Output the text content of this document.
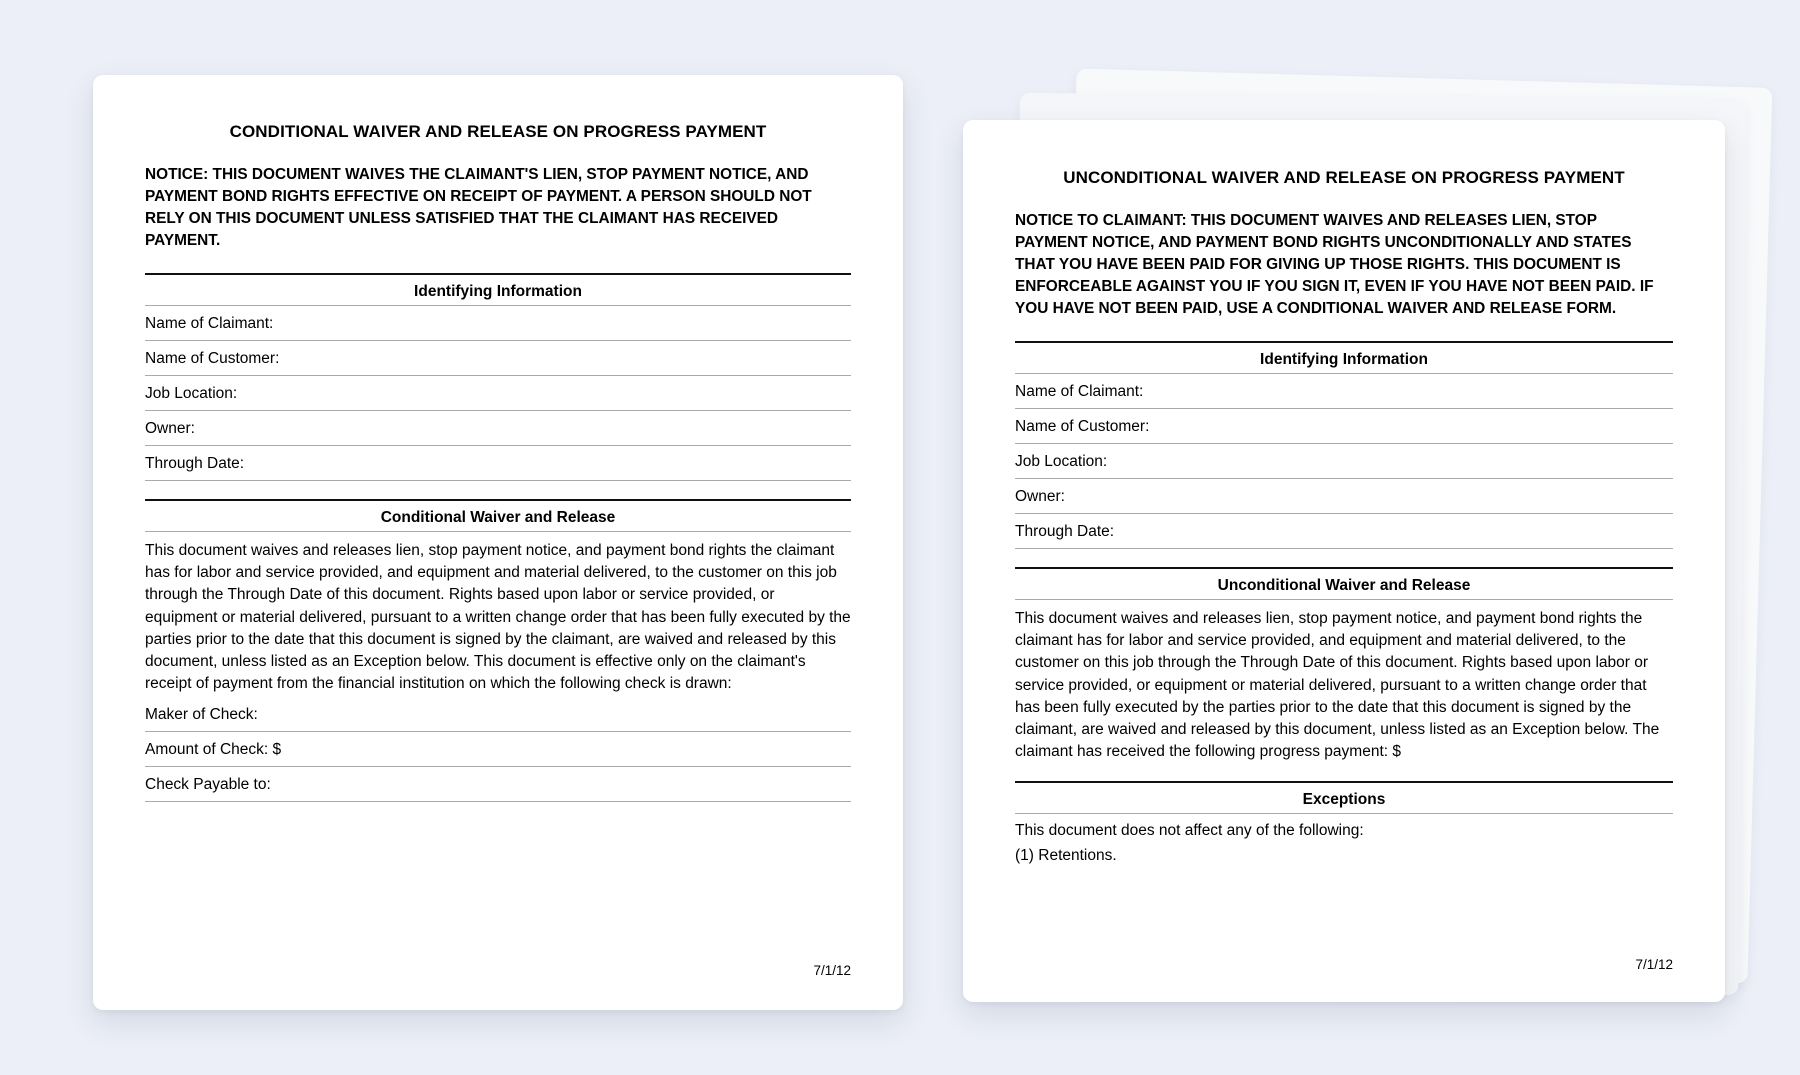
CONDITIONAL WAIVER AND RELEASE ON PROGRESS PAYMENT
NOTICE: THIS DOCUMENT WAIVES THE CLAIMANT'S LIEN, STOP PAYMENT NOTICE, AND PAYMENT BOND RIGHTS EFFECTIVE ON RECEIPT OF PAYMENT. A PERSON SHOULD NOT RELY ON THIS DOCUMENT UNLESS SATISFIED THAT THE CLAIMANT HAS RECEIVED PAYMENT.
Identifying Information
Name of Claimant:
Name of Customer:
Job Location:
Owner:
Through Date:
Conditional Waiver and Release
This document waives and releases lien, stop payment notice, and payment bond rights the claimant has for labor and service provided, and equipment and material delivered, to the customer on this job through the Through Date of this document. Rights based upon labor or service provided, or equipment or material delivered, pursuant to a written change order that has been fully executed by the parties prior to the date that this document is signed by the claimant, are waived and released by this document, unless listed as an Exception below. This document is effective only on the claimant's receipt of payment from the financial institution on which the following check is drawn:
Maker of Check:
Amount of Check: $
Check Payable to:
7/1/12
UNCONDITIONAL WAIVER AND RELEASE ON PROGRESS PAYMENT
NOTICE TO CLAIMANT: THIS DOCUMENT WAIVES AND RELEASES LIEN, STOP PAYMENT NOTICE, AND PAYMENT BOND RIGHTS UNCONDITIONALLY AND STATES THAT YOU HAVE BEEN PAID FOR GIVING UP THOSE RIGHTS. THIS DOCUMENT IS ENFORCEABLE AGAINST YOU IF YOU SIGN IT, EVEN IF YOU HAVE NOT BEEN PAID. IF YOU HAVE NOT BEEN PAID, USE A CONDITIONAL WAIVER AND RELEASE FORM.
Identifying Information
Name of Claimant:
Name of Customer:
Job Location:
Owner:
Through Date:
Unconditional Waiver and Release
This document waives and releases lien, stop payment notice, and payment bond rights the claimant has for labor and service provided, and equipment and material delivered, to the customer on this job through the Through Date of this document. Rights based upon labor or service provided, or equipment or material delivered, pursuant to a written change order that has been fully executed by the parties prior to the date that this document is signed by the claimant, are waived and released by this document, unless listed as an Exception below. The claimant has received the following progress payment: $
Exceptions
This document does not affect any of the following:
(1) Retentions.
7/1/12
